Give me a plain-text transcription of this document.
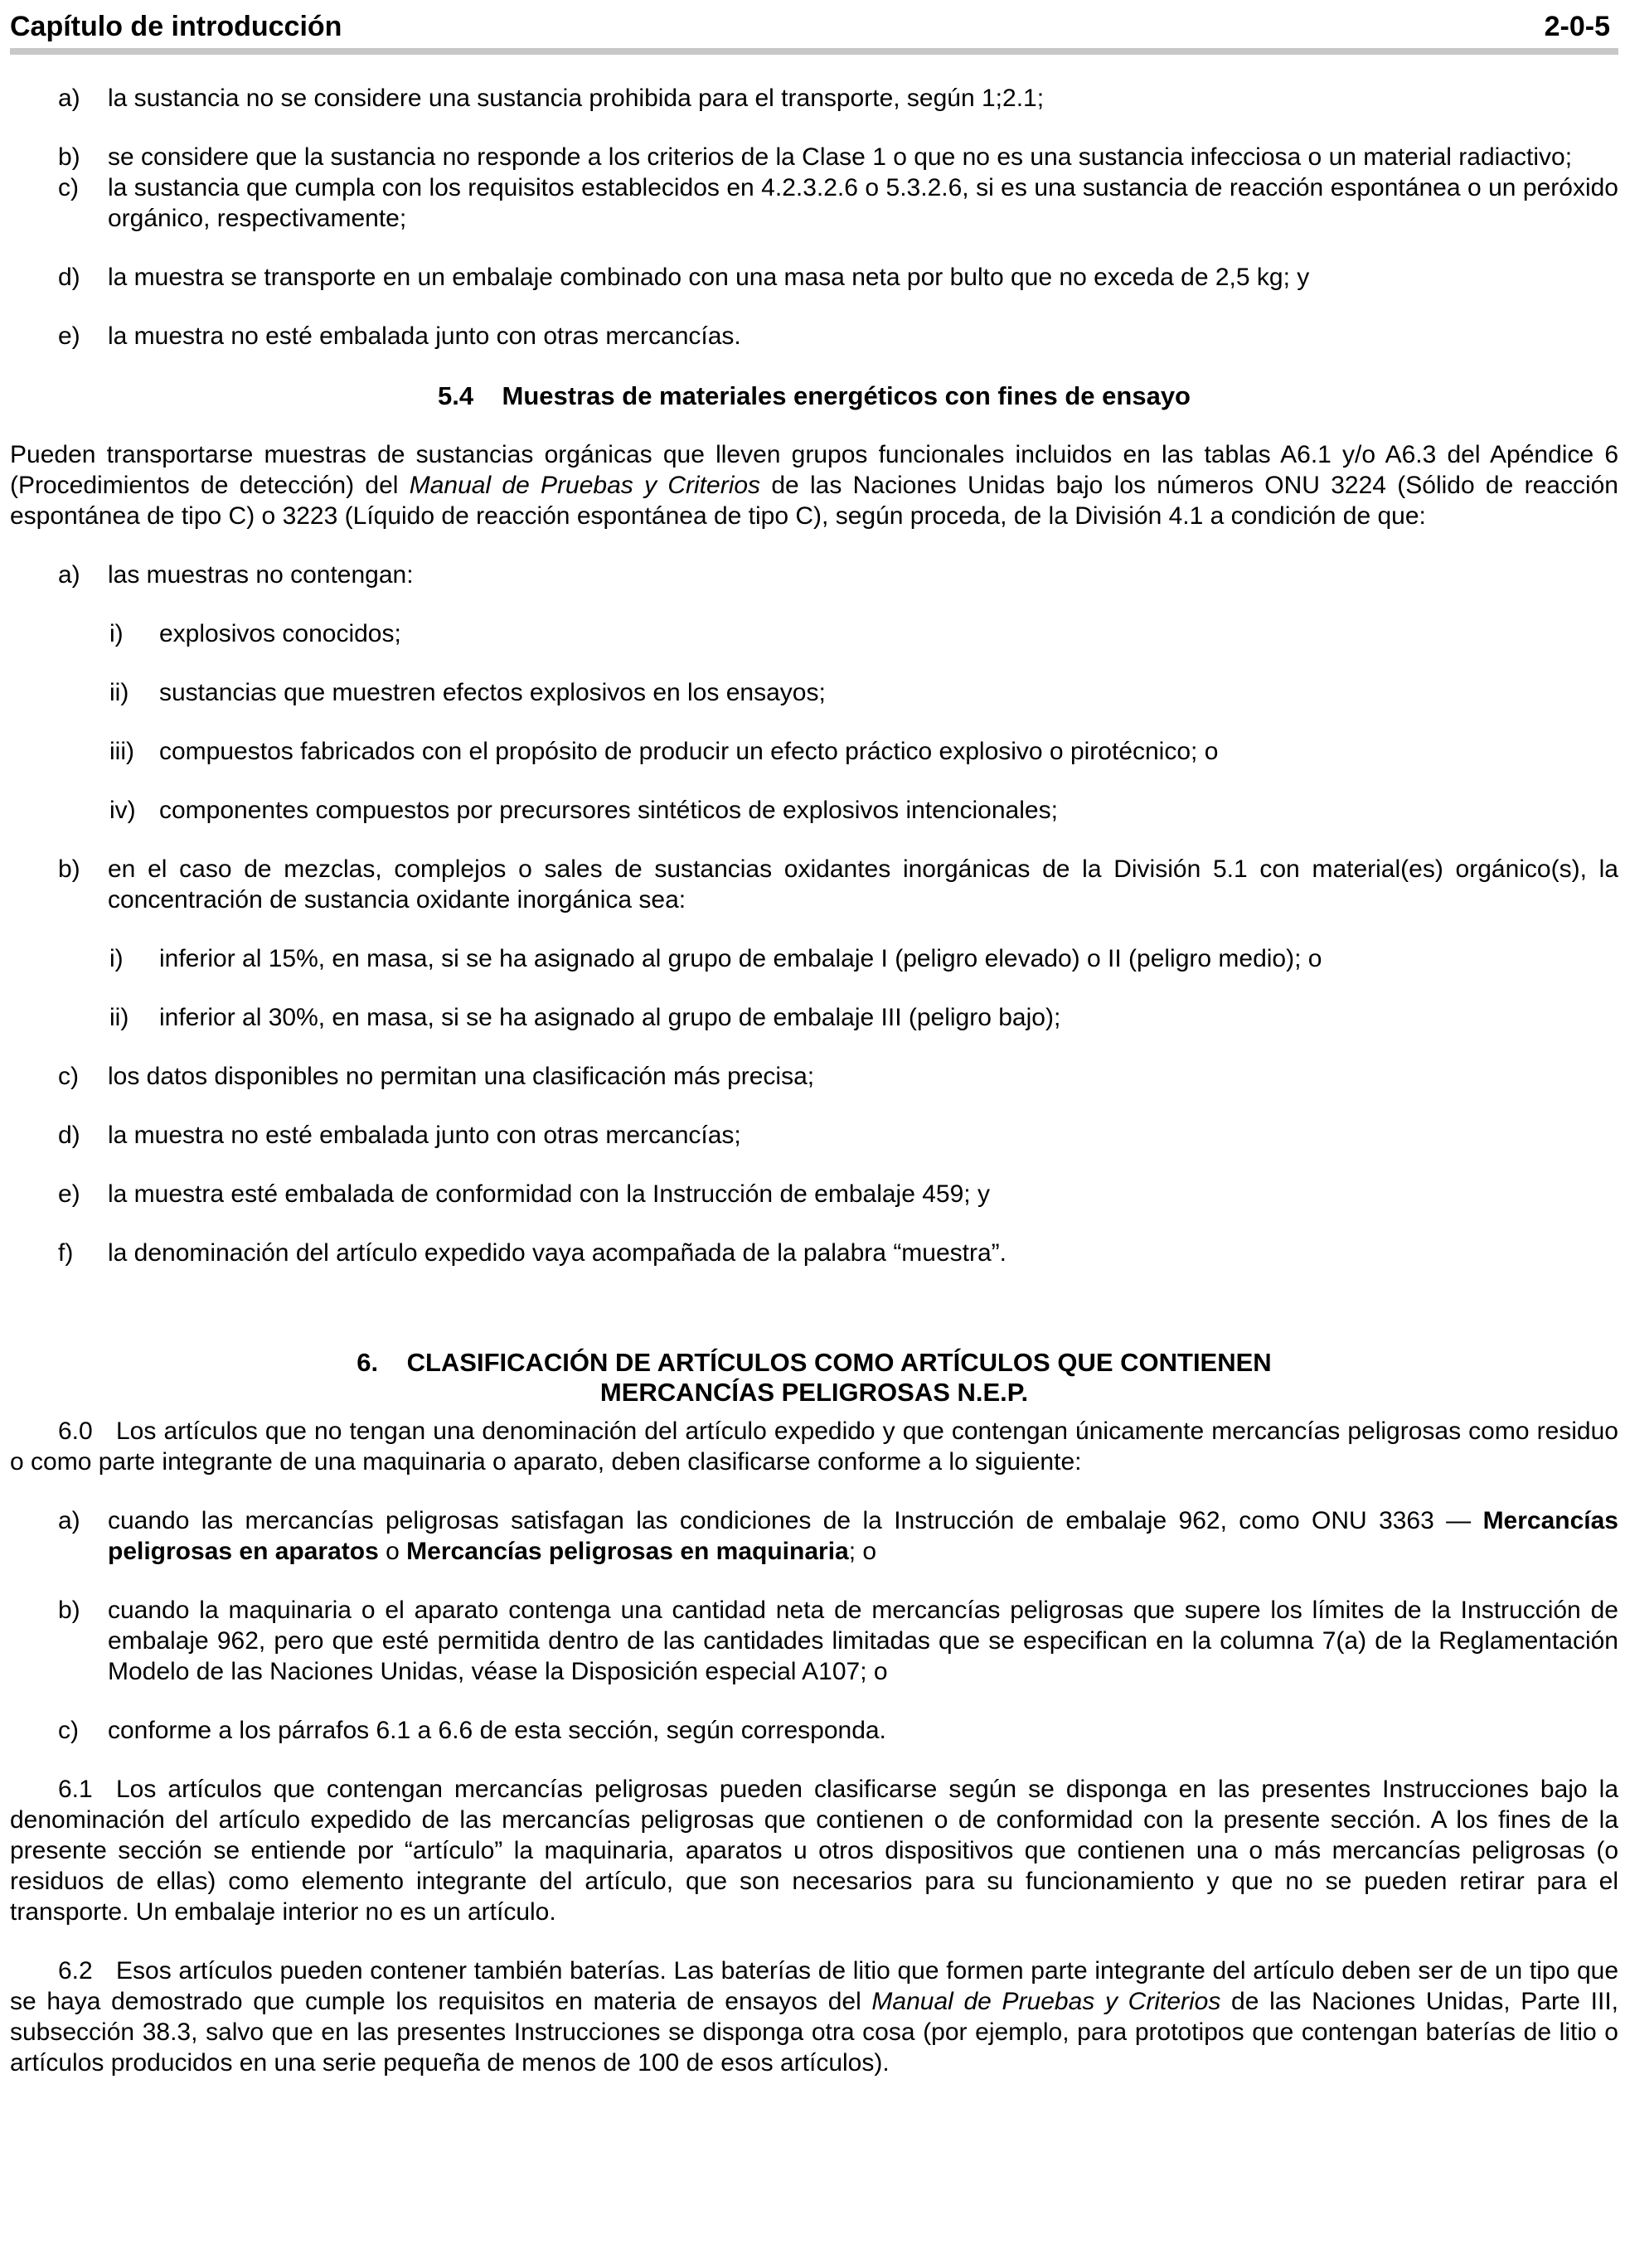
Capítulo de introducción	2-0-5
a)	la sustancia no se considere una sustancia prohibida para el transporte, según 1;2.1;
b)	se considere que la sustancia no responde a los criterios de la Clase 1 o que no es una sustancia infecciosa o un material radiactivo;
c)	la sustancia que cumpla con los requisitos establecidos en 4.2.3.2.6 o 5.3.2.6, si es una sustancia de reacción espontánea o un peróxido orgánico, respectivamente;
d)	la muestra se transporte en un embalaje combinado con una masa neta por bulto que no exceda de 2,5 kg; y
e)	la muestra no esté embalada junto con otras mercancías.
5.4 Muestras de materiales energéticos con fines de ensayo
Pueden transportarse muestras de sustancias orgánicas que lleven grupos funcionales incluidos en las tablas A6.1 y/o A6.3 del Apéndice 6 (Procedimientos de detección) del Manual de Pruebas y Criterios de las Naciones Unidas bajo los números ONU 3224 (Sólido de reacción espontánea de tipo C) o 3223 (Líquido de reacción espontánea de tipo C), según proceda, de la División 4.1 a condición de que:
a)	las muestras no contengan:
i)	explosivos conocidos;
ii)	sustancias que muestren efectos explosivos en los ensayos;
iii)	compuestos fabricados con el propósito de producir un efecto práctico explosivo o pirotécnico; o
iv) componentes compuestos por precursores sintéticos de explosivos intencionales;
b)	en el caso de mezclas, complejos o sales de sustancias oxidantes inorgánicas de la División 5.1 con material(es) orgánico(s), la concentración de sustancia oxidante inorgánica sea:
i)	inferior al 15%, en masa, si se ha asignado al grupo de embalaje I (peligro elevado) o II (peligro medio); o
ii)	inferior al 30%, en masa, si se ha asignado al grupo de embalaje III (peligro bajo);
c)	los datos disponibles no permitan una clasificación más precisa;
d)	la muestra no esté embalada junto con otras mercancías;
e)	la muestra esté embalada de conformidad con la Instrucción de embalaje 459; y
f)	la denominación del artículo expedido vaya acompañada de la palabra “muestra”.
6.    CLASIFICACIÓN DE ARTÍCULOS COMO ARTÍCULOS QUE CONTIENEN
MERCANCÍAS PELIGROSAS N.E.P.
6.0 Los artículos que no tengan una denominación del artículo expedido y que contengan únicamente mercancías peligrosas como residuo o como parte integrante de una maquinaria o aparato, deben clasificarse conforme a lo siguiente:
a)	cuando las mercancías peligrosas satisfagan las condiciones de la Instrucción de embalaje 962, como ONU 3363 — Mercancías peligrosas en aparatos o Mercancías peligrosas en maquinaria; o
b)	cuando la maquinaria o el aparato contenga una cantidad neta de mercancías peligrosas que supere los límites de la Instrucción de embalaje 962, pero que esté permitida dentro de las cantidades limitadas que se especifican en la columna 7(a) de la Reglamentación Modelo de las Naciones Unidas, véase la Disposición especial A107; o
c)	conforme a los párrafos 6.1 a 6.6 de esta sección, según corresponda.
6.1 Los artículos que contengan mercancías peligrosas pueden clasificarse según se disponga en las presentes Instrucciones bajo la denominación del artículo expedido de las mercancías peligrosas que contienen o de conformidad con la presente sección. A los fines de la presente sección se entiende por “artículo” la maquinaria, aparatos u otros dispositivos que contienen una o más mercancías peligrosas (o residuos de ellas) como elemento integrante del artículo, que son necesarios para su funcionamiento y que no se pueden retirar para el transporte. Un embalaje interior no es un artículo.
6.2 Esos artículos pueden contener también baterías. Las baterías de litio que formen parte integrante del artículo deben ser de un tipo que se haya demostrado que cumple los requisitos en materia de ensayos del Manual de Pruebas y Criterios de las Naciones Unidas, Parte III, subsección 38.3, salvo que en las presentes Instrucciones se disponga otra cosa (por ejemplo, para prototipos que contengan baterías de litio o artículos producidos en una serie pequeña de menos de 100 de esos artículos).
